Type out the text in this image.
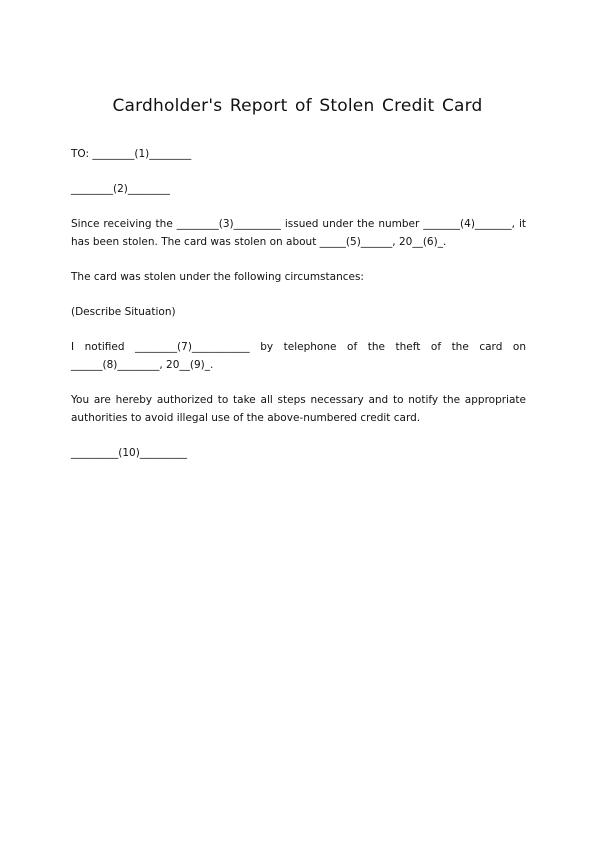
Cardholder's Report of Stolen Credit Card

TO: ________(1)________

________(2)________

Since receiving the ________(3)_________ issued under the number _______(4)_______, it has been stolen. The card was stolen on about _____(5)______, 20__(6)_.

The card was stolen under the following circumstances:

(Describe Situation)

I notified ________(7)___________ by telephone of the theft of the card on ______(8)________, 20__(9)_.

You are hereby authorized to take all steps necessary and to notify the appropriate authorities to avoid illegal use of the above-numbered credit card.

_________(10)_________
